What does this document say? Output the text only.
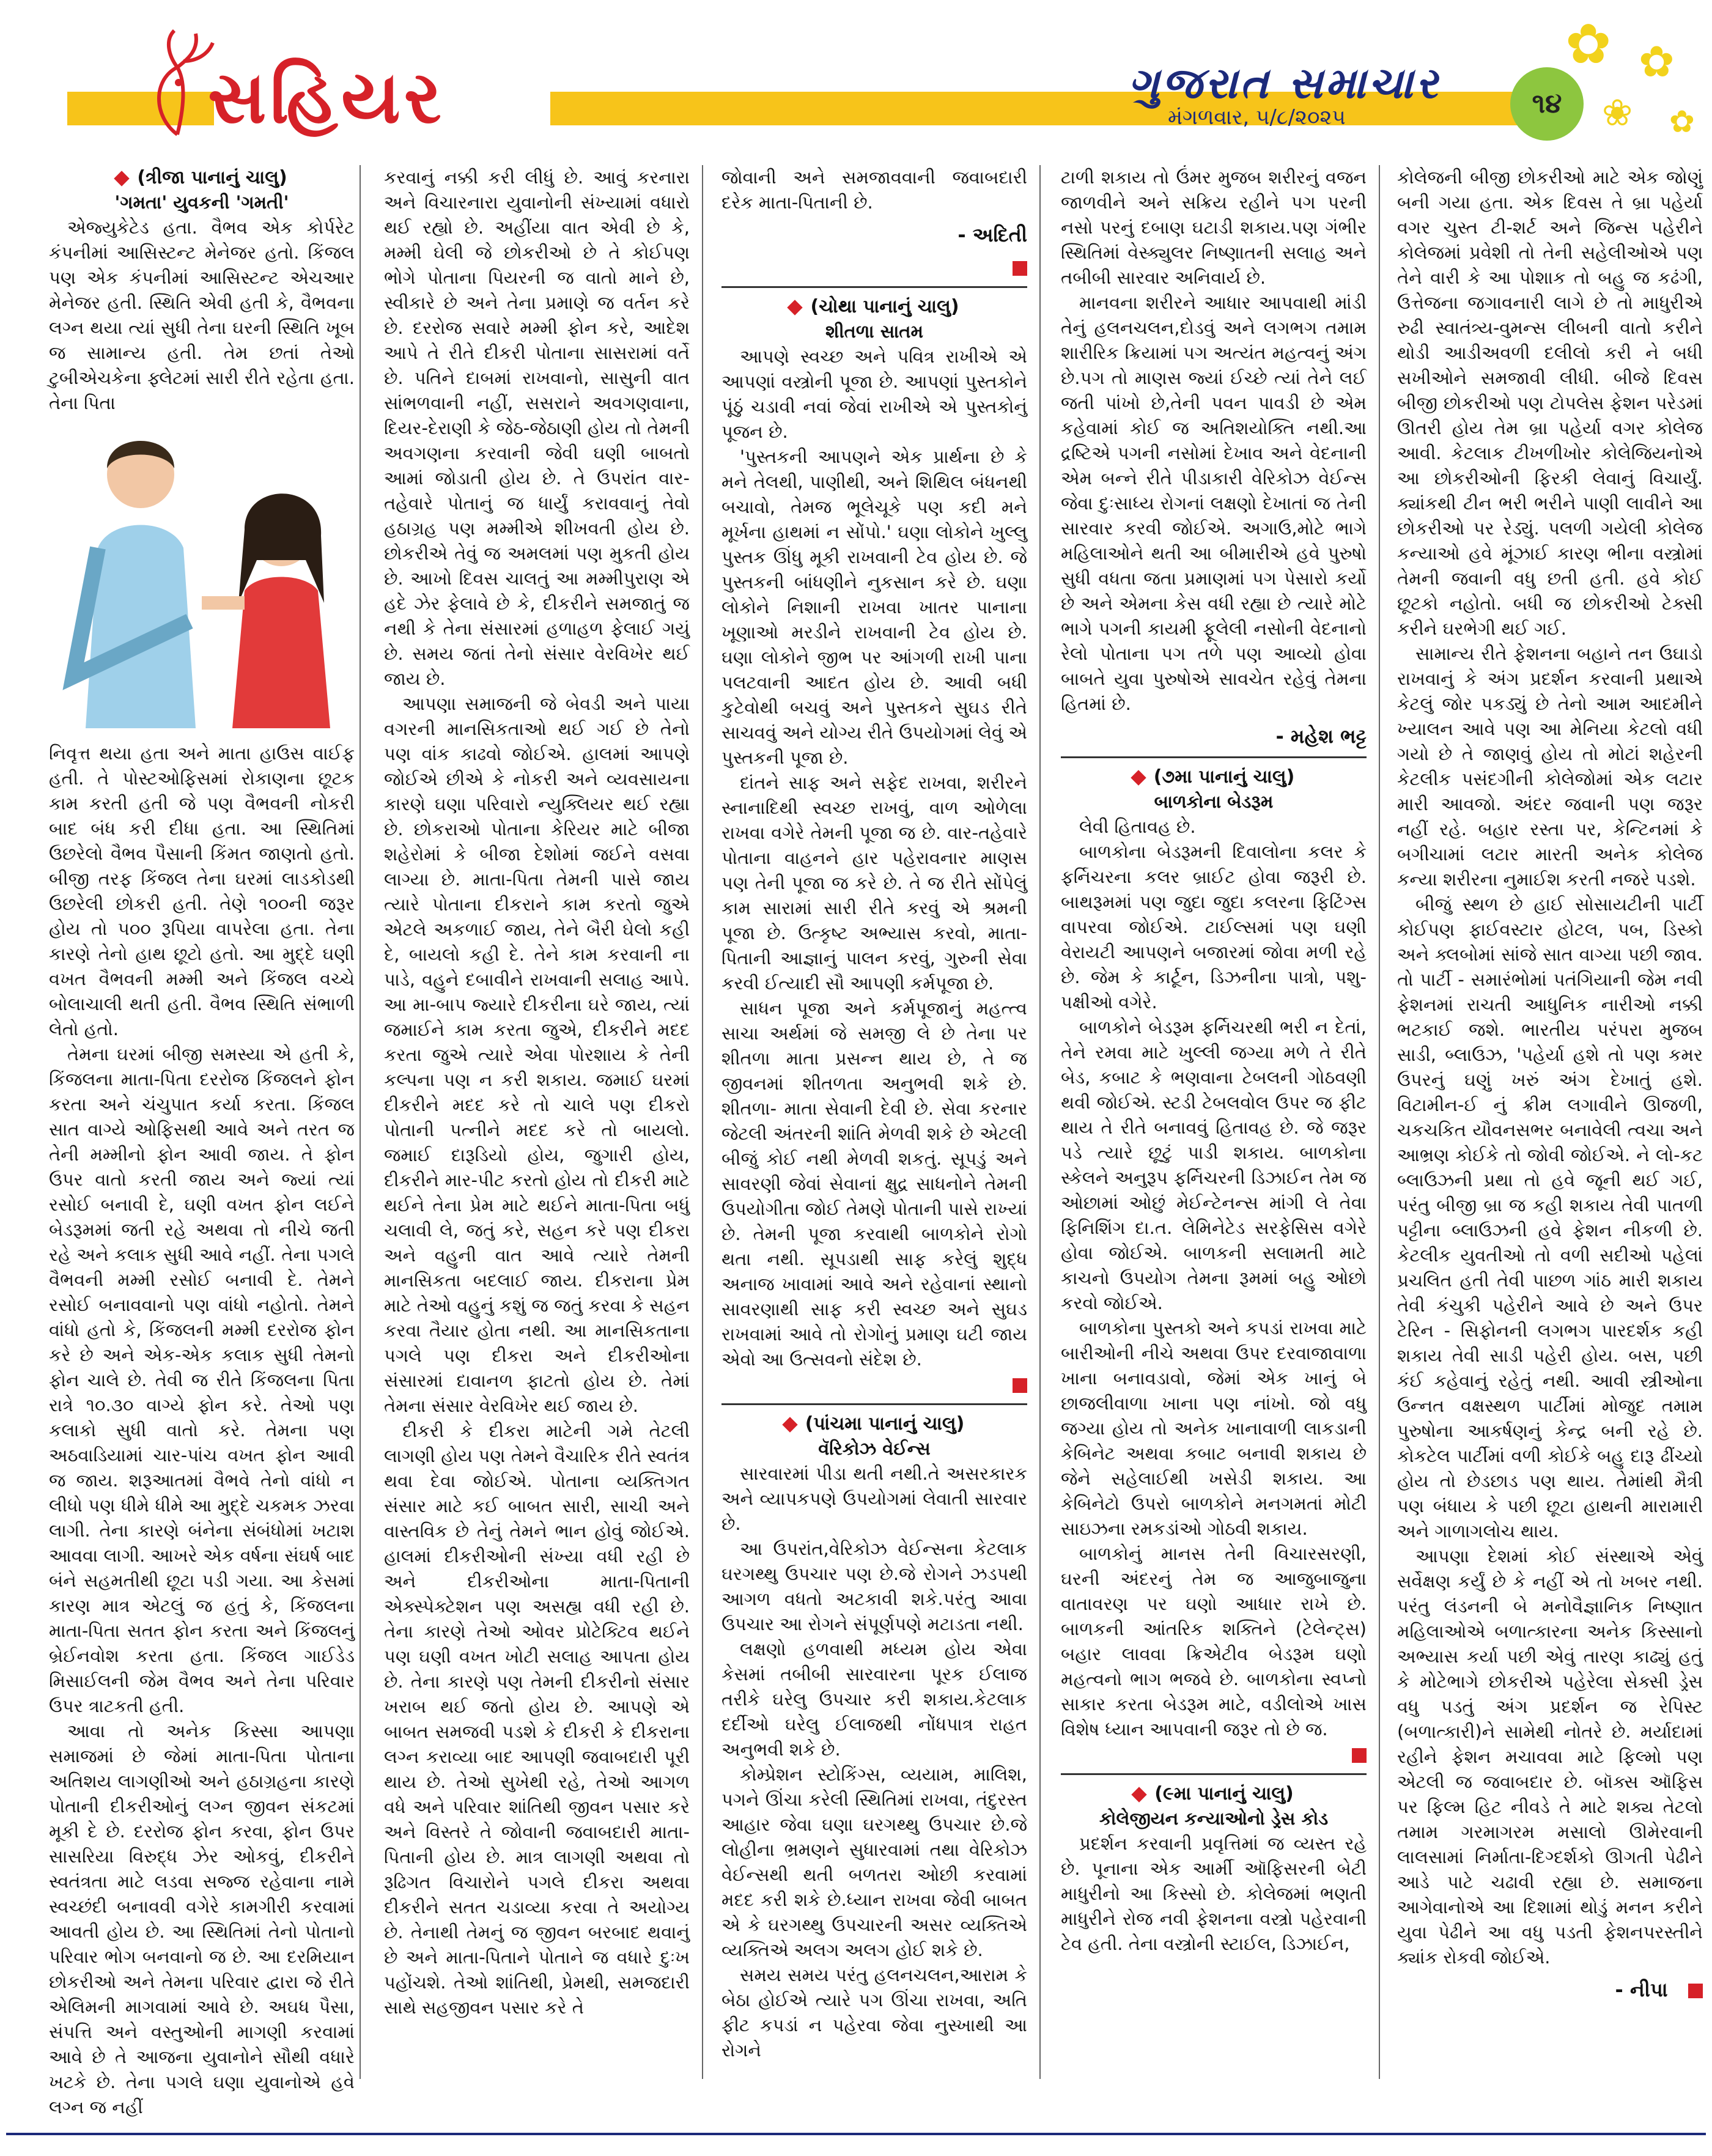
સહિયર	ગુજરાત સમાચાર
મંગળવાર, ૫/૮/૨૦૨૫	૧૪
✿ ✿
❀ ✿

(ત્રીજા પાનાનું ચાલુ)

'ગમતા' યુવકની 'ગમતી'

એજ્યુકેટેડ હતા. વૈભવ એક કોર્પરેટ કંપનીમાં આસિસ્ટન્ટ મેનેજર હતો. કિંજલ પણ એક કંપનીમાં આસિસ્ટન્ટ એચઆર મેનેજર હતી. સ્થિતિ એવી હતી કે, વૈભવના લગ્ન થયા ત્યાં સુધી તેના ઘરની સ્થિતિ ખૂબ જ સામાન્ય હતી. તેમ છતાં તેઓ ટુબીએચકેના ફ્લેટમાં સારી રીતે રહેતા હતા. તેના પિતા

નિવૃત્ત થયા હતા અને માતા હાઉસ વાઈફ હતી. તે પોસ્ટઓફિસમાં રોકાણના છૂટક કામ કરતી હતી જે પણ વૈભવની નોકરી બાદ બંધ કરી દીધા હતા. આ સ્થિતિમાં ઉછરેલો વૈભવ પૈસાની કિંમત જાણતો હતો. બીજી તરફ કિંજલ તેના ઘરમાં લાડકોડથી ઉછરેલી છોકરી હતી. તેણે ૧૦૦ની જરૂર હોય તો ૫૦૦ રૂપિયા વાપરેલા હતા. તેના કારણે તેનો હાથ છૂટો હતો. આ મુદ્દે ઘણી વખત વૈભવની મમ્મી અને કિંજલ વચ્ચે બોલાચાલી થતી હતી. વૈભવ સ્થિતિ સંભાળી લેતો હતો.

તેમના ઘરમાં બીજી સમસ્યા એ હતી કે, કિંજલના માતા-પિતા દરરોજ કિંજલને ફોન કરતા અને ચંચુપાત કર્યા કરતા. કિંજલ સાત વાગ્યે ઓફિસથી આવે અને તરત જ તેની મમ્મીનો ફોન આવી જાય. તે ફોન ઉપર વાતો કરતી જાય અને જ્યાં ત્યાં રસોઈ બનાવી દે, ઘણી વખત ફોન લઈને બેડરૂમમાં જતી રહે અથવા તો નીચે જતી રહે અને કલાક સુધી આવે નહીં. તેના પગલે વૈભવની મમ્મી રસોઈ બનાવી દે. તેમને રસોઈ બનાવવાનો પણ વાંધો નહોતો. તેમને વાંધો હતો કે, કિંજલની મમ્મી દરરોજ ફોન કરે છે અને એક-એક કલાક સુધી તેમનો ફોન ચાલે છે. તેવી જ રીતે કિંજલના પિતા રાત્રે ૧૦.૩૦ વાગ્યે ફોન કરે. તેઓ પણ કલાકો સુધી વાતો કરે. તેમના પણ અઠવાડિયામાં ચાર-પાંચ વખત ફોન આવી જ જાય. શરૂઆતમાં વૈભવે તેનો વાંધો ન લીધો પણ ધીમે ધીમે આ મુદ્દે ચકમક ઝરવા લાગી. તેના કારણે બંનેના સંબંધોમાં ખટાશ આવવા લાગી. આખરે એક વર્ષના સંઘર્ષ બાદ બંને સહમતીથી છૂટા પડી ગયા. આ કેસમાં કારણ માત્ર એટલું જ હતું કે, કિંજલના માતા-પિતા સતત ફોન કરતા અને કિંજલનું બ્રેઈનવોશ કરતા હતા. કિંજલ ગાઈડેડ મિસાઈલની જેમ વૈભવ અને તેના પરિવાર ઉપર ત્રાટકતી હતી.

આવા તો અનેક કિસ્સા આપણા સમાજમાં છે જેમાં માતા-પિતા પોતાના અતિશય લાગણીઓ અને હઠાગ્રહના કારણે પોતાની દીકરીઓનું લગ્ન જીવન સંકટમાં મૂકી દે છે. દરરોજ ફોન કરવા, ફોન ઉપર સાસરિયા વિરુદ્ધ ઝેર ઓકવું, દીકરીને સ્વતંત્રતા માટે લડવા સજ્જ રહેવાના નામે સ્વચ્છંદી બનાવવી વગેરે કામગીરી કરવામાં આવતી હોય છે. આ સ્થિતિમાં તેનો પોતાનો પરિવાર ભોગ બનવાનો જ છે. આ દરમિયાન છોકરીઓ અને તેમના પરિવાર દ્વારા જે રીતે એલિમની માગવામાં આવે છે. અઘધ પૈસા, સંપત્તિ અને વસ્તુઓની માગણી કરવામાં આવે છે તે આજના યુવાનોને સૌથી વધારે ખટકે છે. તેના પગલે ઘણા યુવાનોએ હવે લગ્ન જ નહીં

કરવાનું નક્કી કરી લીધું છે. આવું કરનારા અને વિચારનારા યુવાનોની સંખ્યામાં વધારો થઈ રહ્યો છે. અહીંયા વાત એવી છે કે, મમ્મી ઘેલી જે છોકરીઓ છે તે કોઈપણ ભોગે પોતાના પિયરની જ વાતો માને છે, સ્વીકારે છે અને તેના પ્રમાણે જ વર્તન કરે છે. દરરોજ સવારે મમ્મી ફોન કરે, આદેશ આપે તે રીતે દીકરી પોતાના સાસરામાં વર્તે છે. પતિને દાબમાં રાખવાનો, સાસુની વાત સાંભળવાની નહીં, સસરાને અવગણવાના, દિયર-દેરાણી કે જેઠ-જેઠાણી હોય તો તેમની અવગણના કરવાની જેવી ઘણી બાબતો આમાં જોડાતી હોય છે. તે ઉપરાંત વાર-તહેવારે પોતાનું જ ધાર્યું કરાવવાનું તેવો હઠાગ્રહ પણ મમ્મીએ શીખવતી હોય છે. છોકરીએ તેવું જ અમલમાં પણ મુકતી હોય છે. આખો દિવસ ચાલતું આ મમ્મીપુરાણ એ હદે ઝેર ફેલાવે છે કે, દીકરીને સમજાતું જ નથી કે તેના સંસારમાં હળાહળ ફેલાઈ ગયું છે. સમય જતાં તેનો સંસાર વેરવિખેર થઈ જાય છે.

આપણા સમાજની જે બેવડી અને પાયા વગરની માનસિકતાઓ થઈ ગઈ છે તેનો પણ વાંક કાઢવો જોઈએ. હાલમાં આપણે જોઈએ છીએ કે નોકરી અને વ્યવસાયના કારણે ઘણા પરિવારો ન્યુક્લિયર થઈ રહ્યા છે. છોકરાઓ પોતાના કેરિયર માટે બીજા શહેરોમાં કે બીજા દેશોમાં જઈને વસવા લાગ્યા છે. માતા-પિતા તેમની પાસે જાય ત્યારે પોતાના દીકરાને કામ કરતો જુએ એટલે અકળાઈ જાય, તેને બૈરી ઘેલો કહી દે, બાયલો કહી દે. તેને કામ કરવાની ના પાડે, વહુને દબાવીને રાખવાની સલાહ આપે. આ મા-બાપ જ્યારે દીકરીના ઘરે જાય, ત્યાં જમાઈને કામ કરતા જુએ, દીકરીને મદદ કરતા જુએ ત્યારે એવા પોરશાય કે તેની કલ્પના પણ ન કરી શકાય. જમાઈ ઘરમાં દીકરીને મદદ કરે તો ચાલે પણ દીકરો પોતાની પત્નીને મદદ કરે તો બાયલો. જમાઈ દારૂડિયો હોય, જુગારી હોય, દીકરીને માર-પીટ કરતો હોય તો દીકરી માટે થઈને તેના પ્રેમ માટે થઈને માતા-પિતા બધું ચલાવી લે, જતું કરે, સહન કરે પણ દીકરા અને વહુની વાત આવે ત્યારે તેમની માનસિકતા બદલાઈ જાય. દીકરાના પ્રેમ માટે તેઓ વહુનું કશું જ જતું કરવા કે સહન કરવા તૈયાર હોતા નથી. આ માનસિકતાના પગલે પણ દીકરા અને દીકરીઓના સંસારમાં દાવાનળ ફાટતો હોય છે. તેમાં તેમના સંસાર વેરવિખેર થઈ જાય છે.

દીકરી કે દીકરા માટેની ગમે તેટલી લાગણી હોય પણ તેમને વૈચારિક રીતે સ્વતંત્ર થવા દેવા જોઈએ. પોતાના વ્યક્તિગત સંસાર માટે કઈ બાબત સારી, સાચી અને વાસ્તવિક છે તેનું તેમને ભાન હોવું જોઈએ. હાલમાં દીકરીઓની સંખ્યા વધી રહી છે અને દીકરીઓના માતા-પિતાની એક્સ્પેક્ટેશન પણ અસહ્ય વધી રહી છે. તેના કારણે તેઓ ઓવર પ્રોટેક્ટિવ થઈને પણ ઘણી વખત ખોટી સલાહ આપતા હોય છે. તેના કારણે પણ તેમની દીકરીનો સંસાર ખરાબ થઈ જતો હોય છે. આપણે એ બાબત સમજવી પડશે કે દીકરી કે દીકરાના લગ્ન કરાવ્યા બાદ આપણી જવાબદારી પૂરી થાય છે. તેઓ સુખેથી રહે, તેઓ આગળ વધે અને પરિવાર શાંતિથી જીવન પસાર કરે અને વિસ્તરે તે જોવાની જવાબદારી માતા-પિતાની હોય છે. માત્ર લાગણી અથવા તો રૂઢિગત વિચારોને પગલે દીકરા અથવા દીકરીને સતત ચડાવ્યા કરવા તે અયોગ્ય છે. તેનાથી તેમનું જ જીવન બરબાદ થવાનું છે અને માતા-પિતાને પોતાને જ વધારે દુઃખ પહોંચશે. તેઓ શાંતિથી, પ્રેમથી, સમજદારી સાથે સહજીવન પસાર કરે તે

જોવાની અને સમજાવવાની જવાબદારી દરેક માતા-પિતાની છે.

- અદિતી

(ચોથા પાનાનું ચાલુ)

શીતળા સાતમ

આપણે સ્વચ્છ અને પવિત્ર રાખીએ એ આપણાં વસ્ત્રોની પૂજા છે. આપણાં પુસ્તકોને પૂંઠું ચડાવી નવાં જેવાં રાખીએ એ પુસ્તકોનું પૂજન છે.

'પુસ્તકની આપણને એક પ્રાર્થના છે કે મને તેલથી, પાણીથી, અને શિથિલ બંધનથી બચાવો, તેમજ ભૂલેચૂકે પણ કદી મને મૂર્ખના હાથમાં ન સોંપો.' ઘણા લોકોને ખુલ્લુ પુસ્તક ઊંધુ મૂકી રાખવાની ટેવ હોય છે. જે પુસ્તકની બાંધણીને નુકસાન કરે છે. ઘણા લોકોને નિશાની રાખવા ખાતર પાનાના ખૂણાઓ મરડીને રાખવાની ટેવ હોય છે. ઘણા લોકોને જીભ પર આંગળી રાખી પાના પલટવાની આદત હોય છે. આવી બધી કુટેવોથી બચવું અને પુસ્તકને સુઘડ રીતે સાચવવું અને યોગ્ય રીતે ઉપયોગમાં લેવું એ પુસ્તકની પૂજા છે.

દાંતને સાફ અને સફેદ રાખવા, શરીરને સ્નાનાદિથી સ્વચ્છ રાખવું, વાળ ઓળેલા રાખવા વગેરે તેમની પૂજા જ છે. વાર-તહેવારે પોતાના વાહનને હાર પહેરાવનાર માણસ પણ તેની પૂજા જ કરે છે. તે જ રીતે સોંપેલું કામ સારામાં સારી રીતે કરવું એ શ્રમની પૂજા છે. ઉત્કૃષ્ટ અભ્યાસ કરવો, માતા-પિતાની આજ્ઞાનું પાલન કરવું, ગુરુની સેવા કરવી ઈત્યાદી સૌ આપણી કર્મપૂજા છે.

સાધન પૂજા અને કર્મપૂજાનું મહત્ત્વ સાચા અર્થમાં જે સમજી લે છે તેના પર શીતળા માતા પ્રસન્ન થાય છે, તે જ જીવનમાં શીતળતા અનુભવી શકે છે. શીતળા- માતા સેવાની દેવી છે. સેવા કરનાર જેટલી અંતરની શાંતિ મેળવી શકે છે એટલી બીજું કોઈ નથી મેળવી શકતું. સૂપડું અને સાવરણી જેવાં સેવાનાં ક્ષુદ્ર સાધનોને તેમની ઉપયોગીતા જોઈ તેમણે પોતાની પાસે રાખ્યાં છે. તેમની પૂજા કરવાથી બાળકોને રોગો થતા નથી. સૂપડાથી સાફ કરેલું શુદ્ધ અનાજ ખાવામાં આવે અને રહેવાનાં સ્થાનો સાવરણાથી સાફ કરી સ્વચ્છ અને સુઘડ રાખવામાં આવે તો રોગોનું પ્રમાણ ઘટી જાય એવો આ ઉત્સવનો સંદેશ છે.

(પાંચમા પાનાનું ચાલુ)

વૅરિકોઝ વેઈન્સ

સારવારમાં પીડા થતી નથી.તે અસરકારક અને વ્યાપકપણે ઉપયોગમાં લેવાતી સારવાર છે.

આ ઉપરાંત,વેરિકોઝ વેઈન્સના કેટલાક ઘરગથ્થુ ઉપચાર પણ છે.જે રોગને ઝડપથી આગળ વધતો અટકાવી શકે.પરંતુ આવા ઉપચાર આ રોગને સંપૂર્ણપણે મટાડતા નથી.

લક્ષણો હળવાથી મધ્યમ હોય એવા કેસમાં તબીબી સારવારના પૂરક ઈલાજ તરીકે ઘરેલુ ઉપચાર કરી શકાય.કેટલાક દર્દીઓ ઘરેલુ ઈલાજથી નોંધપાત્ર રાહત અનુભવી શકે છે.

કોમ્પ્રેશન સ્ટોકિંગ્સ, વ્યયામ, માલિશ, પગને ઊંચા કરેલી સ્થિતિમાં રાખવા, તંદુરસ્ત આહાર જેવા ઘણા ઘરગથ્થુ ઉપચાર છે.જે લોહીના ભ્રમણને સુધારવામાં તથા વેરિકોઝ વેઈન્સથી થતી બળતરા ઓછી કરવામાં મદદ કરી શકે છે.ધ્યાન રાખવા જેવી બાબત એ કે ઘરગથ્થુ ઉપચારની અસર વ્યક્તિએ વ્યક્તિએ અલગ અલગ હોઈ શકે છે.

સમય સમય પરંતુ હલનચલન,આરામ કે બેઠા હોઈએ ત્યારે પગ ઊંચા રાખવા, અતિ ફીટ કપડાં ન પહેરવા જેવા નુસ્ખાથી આ રોગને

ટાળી શકાય તો ઉંમર મુજબ શરીરનું વજન જાળવીને અને સક્રિય રહીને પગ પરની નસો પરનું દબાણ ઘટાડી શકાય.પણ ગંભીર સ્થિતિમાં વેસ્ક્યુલર નિષ્ણાતની સલાહ અને તબીબી સારવાર અનિવાર્ય છે.

માનવના શરીરને આધાર આપવાથી માંડી તેનું હલનચલન,દોડવું અને લગભગ તમામ શારીરિક ક્રિયામાં પગ અત્યંત મહત્વનું અંગ છે.પગ તો માણસ જ્યાં ઈચ્છે ત્યાં તેને લઈ જતી પાંખો છે,તેની પવન પાવડી છે એમ કહેવામાં કોઈ જ અતિશયોક્તિ નથી.આ દ્રષ્ટિએ પગની નસોમાં દેખાવ અને વેદનાની એમ બન્ને રીતે પીડાકારી વેરિકોઝ વેઈન્સ જેવા દુઃસાધ્ય રોગનાં લક્ષણો દેખાતાં જ તેની સારવાર કરવી જોઈએ. અગાઉ,મોટે ભાગે મહિલાઓને થતી આ બીમારીએ હવે પુરુષો સુધી વધતા જતા પ્રમાણમાં પગ પેસારો કર્યો છે અને એમના કેસ વધી રહ્યા છે ત્યારે મોટે ભાગે પગની કાયમી ફૂલેલી નસોની વેદનાનો રેલો પોતાના પગ તળે પણ આવ્યો હોવા બાબતે યુવા પુરુષોએ સાવચેત રહેવું તેમના હિતમાં છે.

- મહેશ ભટ્ટ

(૭મા પાનાનું ચાલુ)

બાળકોના બેડરૂમ

લેવી હિતાવહ છે.

બાળકોના બેડરૂમની દિવાલોના કલર કે ફર્નિચરના કલર બ્રાઈટ હોવા જરૂરી છે. બાથરૂમમાં પણ જુદા જુદા કલરના ફિટિંગ્સ વાપરવા જોઈએ. ટાઈલ્સમાં પણ ઘણી વેરાયટી આપણને બજારમાં જોવા મળી રહે છે. જેમ કે કાર્ટૂન, ડિઝનીના પાત્રો, પશુ-પક્ષીઓ વગેરે.

બાળકોને બેડરૂમ ફર્નિચરથી ભરી ન દેતાં, તેને રમવા માટે ખુલ્લી જગ્યા મળે તે રીતે બેડ, કબાટ કે ભણવાના ટેબલની ગોઠવણી થવી જોઈએ. સ્ટડી ટેબલવોલ ઉપર જ ફીટ થાય તે રીતે બનાવવું હિતાવહ છે. જે જરૂર પડે ત્યારે છૂટું પાડી શકાય. બાળકોના સ્કેલને અનુરૂપ ફર્નિચરની ડિઝાઈન તેમ જ ઓછામાં ઓછું મેઈન્ટેનન્સ માંગી લે તેવા ફિનિશિંગ દા.ત. લેમિનેટેડ સરફેસિસ વગેરે હોવા જોઈએ. બાળકની સલામતી માટે કાચનો ઉપયોગ તેમના રૂમમાં બહુ ઓછો કરવો જોઈએ.

બાળકોના પુસ્તકો અને કપડાં રાખવા માટે બારીઓની નીચે અથવા ઉપર દરવાજાવાળા ખાના બનાવડાવો, જેમાં એક ખાનું બે છાજલીવાળા ખાના પણ નાંખો. જો વધુ જગ્યા હોય તો અનેક ખાનાવાળી લાકડાની કેબિનેટ અથવા કબાટ બનાવી શકાય છે જેને સહેલાઈથી ખસેડી શકાય. આ કેબિનેટો ઉપરો બાળકોને મનગમતાં મોટી સાઇઝના રમકડાંઓ ગોઠવી શકાય.

બાળકોનું માનસ તેની વિચારસરણી, ઘરની અંદરનું તેમ જ આજુબાજુના વાતાવરણ પર ઘણો આધાર રાખે છે. બાળકની આંતરિક શક્તિને (ટેલેન્ટ્સ) બહાર લાવવા ક્રિએટીવ બેડરૂમ ઘણો મહત્વનો ભાગ ભજવે છે. બાળકોના સ્વપ્નો સાકાર કરતા બેડરૂમ માટે, વડીલોએ ખાસ વિશેષ ધ્યાન આપવાની જરૂર તો છે જ.

(૯મા પાનાનું ચાલુ)

કોલેજીયન કન્યાઓનો ડ્રેસ કોડ

પ્રદર્શન કરવાની પ્રવૃત્તિમાં જ વ્યસ્ત રહે છે. પૂનાના એક આર્મી ઑફિસરની બેટી માધુરીનો આ કિસ્સો છે. કોલેજમાં ભણતી માધુરીને રોજ નવી ફેશનના વસ્ત્રો પહેરવાની ટેવ હતી. તેના વસ્ત્રોની સ્ટાઈલ, ડિઝાઈન,

કોલેજની બીજી છોકરીઓ માટે એક જોણું બની ગયા હતા. એક દિવસ તે બ્રા પહેર્યા વગર ચુસ્ત ટી-શર્ટ અને જિન્સ પહેરીને કોલેજમાં પ્રવેશી તો તેની સહેલીઓએ પણ તેને વારી કે આ પોશાક તો બહુ જ કઢંગી, ઉત્તેજના જગાવનારી લાગે છે તો માધુરીએ રુઢી સ્વાતંત્ર્ય-વુમન્સ લીબની વાતો કરીને થોડી આડીઅવળી દલીલો કરી ને બધી સખીઓને સમજાવી લીધી. બીજે દિવસ બીજી છોકરીઓ પણ ટોપલેસ ફેશન પરેડમાં ઊતરી હોય તેમ બ્રા પહેર્યા વગર કોલેજ આવી. કેટલાક ટીખળીખોર કોલેજિયનોએ આ છોકરીઓની ફિરકી લેવાનું વિચાર્યું. ક્યાંકથી ટીન ભરી ભરીને પાણી લાવીને આ છોકરીઓ પર રેડ્યું. પલળી ગયેલી કોલેજ કન્યાઓ હવે મૂંઝાઈ કારણ ભીના વસ્ત્રોમાં તેમની જવાની વધુ છતી હતી. હવે કોઈ છૂટકો નહોતો. બધી જ છોકરીઓ ટેક્સી કરીને ઘરભેગી થઈ ગઈ.

સામાન્ય રીતે ફેશનના બહાને તન ઉઘાડો રાખવાનું કે અંગ પ્રદર્શન કરવાની પ્રથાએ કેટલું જોર પકડ્યું છે તેનો આમ આદમીને ખ્યાલન આવે પણ આ મેનિયા કેટલો વધી ગયો છે તે જાણવું હોય તો મોટાં શહેરની કેટલીક પસંદગીની કોલેજોમાં એક લટાર મારી આવજો. અંદર જવાની પણ જરૂર નહીં રહે. બહાર રસ્તા પર, કેન્ટિનમાં કે બગીચામાં લટાર મારતી અનેક કોલેજ કન્યા શરીરના નુમાઈશ કરતી નજરે પડશે.

બીજું સ્થળ છે હાઈ સોસાયટીની પાર્ટી કોઈપણ ફાઈવસ્ટાર હોટલ, પબ, ડિસ્કો અને ક્લબોમાં સાંજે સાત વાગ્યા પછી જાવ. તો પાર્ટી - સમારંભોમાં પતંગિયાની જેમ નવી ફેશનમાં રાચતી આધુનિક નારીઓ નક્કી ભટકાઈ જશે. ભારતીય પરંપરા મુજબ સાડી, બ્લાઉઝ, 'પહેર્યા હશે તો પણ કમર ઉપરનું ઘણું ખરું અંગ દેખાતું હશે. વિટામીન-ઈ નું ક્રીમ લગાવીને ઊજળી, ચકચકિત યૌવનસભર બનાવેલી ત્વચા અને આભ્રણ કોઈકે તો જોવી જોઈએ. ને લો-કટ બ્લાઉઝની પ્રથા તો હવે જૂની થઈ ગઈ, પરંતુ બીજી બ્રા જ કહી શકાય તેવી પાતળી પટ્ટીના બ્લાઉઝની હવે ફેશન નીકળી છે. કેટલીક યુવતીઓ તો વળી સદીઓ પહેલાં પ્રચલિત હતી તેવી પાછળ ગાંઠ મારી શકાય તેવી કંચુકી પહેરીને આવે છે અને ઉપર ટેરિન - સિફોનની લગભગ પારદર્શક કહી શકાય તેવી સાડી પહેરી હોય. બસ, પછી કંઈ કહેવાનું રહેતું નથી. આવી સ્ત્રીઓના ઉન્નત વક્ષસ્થળ પાર્ટીમાં મોજુદ તમામ પુરુષોના આકર્ષણનું કેન્દ્ર બની રહે છે. કોકટેલ પાર્ટીમાં વળી કોઈકે બહુ દારૂ ઢીંચ્યો હોય તો છેડછાડ પણ થાય. તેમાંથી મૈત્રી પણ બંધાય કે પછી છૂટા હાથની મારામારી અને ગાળાગલોચ થાય.

આપણા દેશમાં કોઈ સંસ્થાએ એવું સર્વેક્ષણ કર્યું છે કે નહીં એ તો ખબર નથી. પરંતુ લંડનની બે મનોવૈજ્ઞાનિક નિષ્ણાત મહિલાઓએ બળાત્કારના અનેક કિસ્સાનો અભ્યાસ કર્યા પછી એવું તારણ કાઢ્યું હતું કે મોટેભાગે છોકરીએ પહેરેલા સેક્સી ડ્રેસ વધુ પડતું અંગ પ્રદર્શન જ રેપિસ્ટ (બળાત્કારી)ને સામેથી નોતરે છે. મર્યાદામાં રહીને ફેશન મચાવવા માટે ફિલ્મો પણ એટલી જ જવાબદાર છે. બૉક્સ ઑફિસ પર ફિલ્મ હિટ નીવડે તે માટે શક્ય તેટલો તમામ ગરમાગરમ મસાલો ઊમેરવાની લાલસામાં નિર્માતા-દિગ્દર્શકો ઊગતી પેઢીને આડે પાટે ચઢાવી રહ્યા છે. સમાજના આગેવાનોએ આ દિશામાં થોડું મનન કરીને યુવા પેઢીને આ વધુ પડતી ફેશનપરસ્તીને ક્યાંક રોકવી જોઈએ.

- નીપા
